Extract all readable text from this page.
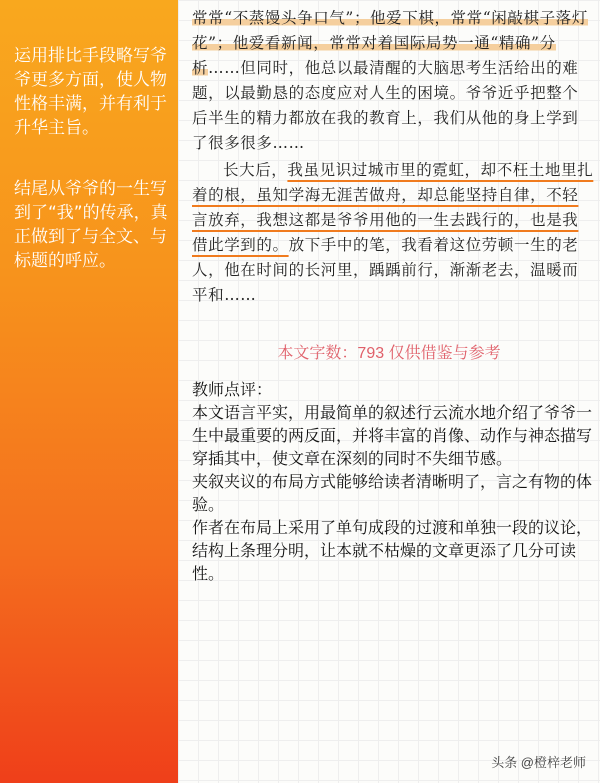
运用排比手段略写爷爷更多方面，使人物性格丰满，并有利于升华主旨。
结尾从爷爷的一生写到了“我”的传承，真正做到了与全文、与标题的呼应。

常常“不蒸馒头争口气”；他爱下棋，常常“闲敲棋子落灯花”；他爱看新闻，常常对着国际局势一通“精确”分析……但同时，他总以最清醒的大脑思考生活给出的难题，以最勤恳的态度应对人生的困境。爷爷近乎把整个后半生的精力都放在我的教育上，我们从他的身上学到了很多很多……

长大后，我虽见识过城市里的霓虹，却不枉土地里扎着的根，虽知学海无涯苦做舟，却总能坚持自律，不轻言放弃，我想这都是爷爷用他的一生去践行的，也是我借此学到的。放下手中的笔，我看着这位劳顿一生的老人，他在时间的长河里，踽踽前行，渐渐老去，温暖而平和……

本文字数：793 仅供借鉴与参考
教师点评：
本文语言平实，用最简单的叙述行云流水地介绍了爷爷一生中最重要的两反面，并将丰富的肖像、动作与神态描写穿插其中，使文章在深刻的同时不失细节感。
夹叙夹议的布局方式能够给读者清晰明了，言之有物的体验。
作者在布局上采用了单句成段的过渡和单独一段的议论，结构上条理分明，让本就不枯燥的文章更添了几分可读性。
头条 @橙梓老师
